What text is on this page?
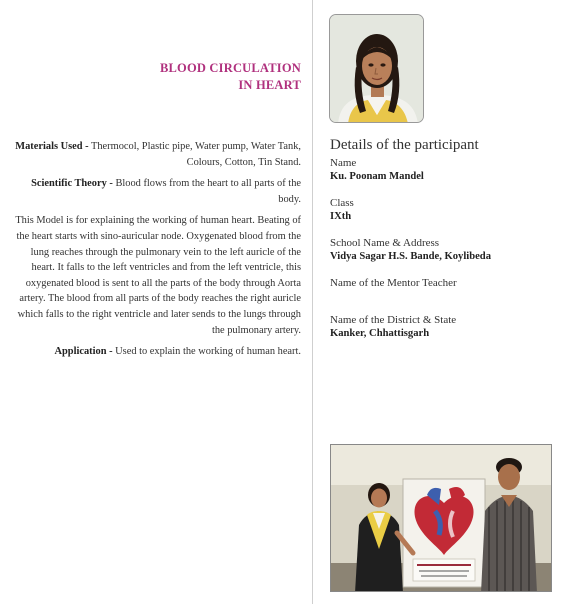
BLOOD CIRCULATION
IN HEART

Materials Used - Thermocol, Plastic pipe, Water pump, Water Tank, Colours, Cotton, Tin Stand.

Scientific Theory - Blood flows from the heart to all parts of the body.

This Model is for explaining the working of human heart. Beating of the heart starts with sino-auricular node. Oxygenated blood from the lung reaches through the pulmonary vein to the left auricle of the heart. It falls to the left ventricles and from the left ventricle, this oxygenated blood is sent to all the parts of the body through Aorta artery. The blood from all parts of the body reaches the right auricle which falls to the right ventricle and later sends to the lungs through the pulmonary artery.

Application - Used to explain the working of human heart.

Details of the participant
Name
Ku. Poonam Mandel
Class
IXth
School Name & Address
Vidya Sagar H.S. Bande, Koylibeda
Name of the Mentor Teacher
Name of the District & State
Kanker, Chhattisgarh
